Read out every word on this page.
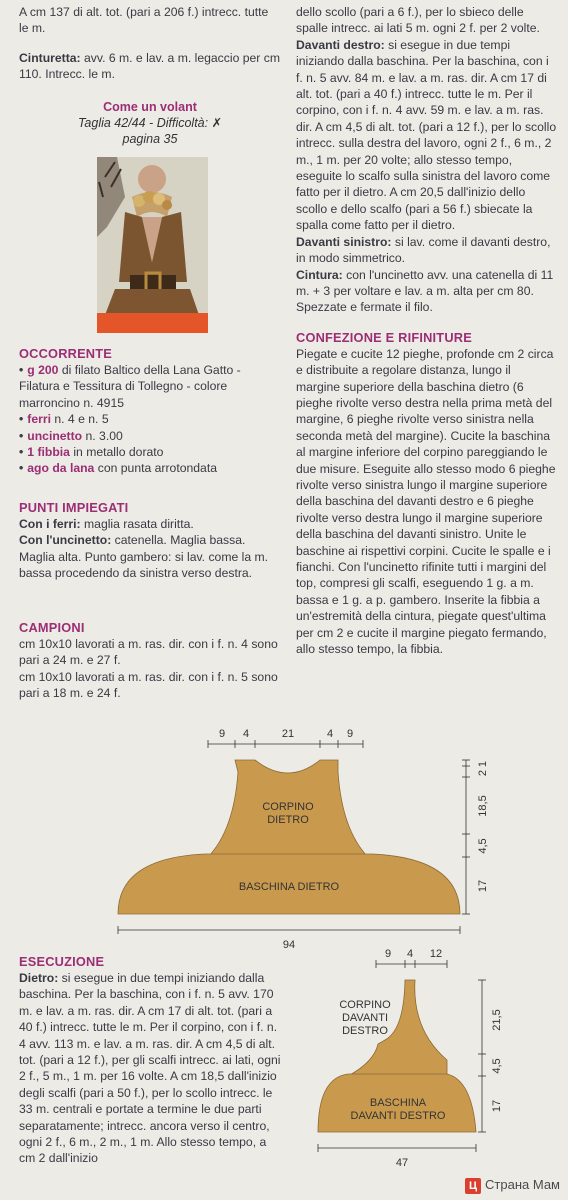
A cm 137 di alt. tot. (pari a 206 f.) intrecc. tutte le m.

Cinturetta: avv. 6 m. e lav. a m. legaccio per cm 110. Intrecc. le m.

Come un volant
Taglia 42/44 - Difficoltà: ✗
pagina 35

OCCORRENTE

• g 200 di filato Baltico della Lana Gatto - Filatura e Tessitura di Tollegno - colore marroncino n. 4915

• ferri n. 4 e n. 5

• uncinetto n. 3.00

• 1 fibbia in metallo dorato

• ago da lana con punta arrotondata

PUNTI IMPIEGATI

Con i ferri: maglia rasata diritta.

Con l'uncinetto: catenella. Maglia bassa. Maglia alta. Punto gambero: si lav. come la m. bassa procedendo da sinistra verso destra.

CAMPIONI

cm 10x10 lavorati a m. ras. dir. con i f. n. 4 sono pari a 24 m. e 27 f.

cm 10x10 lavorati a m. ras. dir. con i f. n. 5 sono pari a 18 m. e 24 f.

ESECUZIONE

Dietro: si esegue in due tempi iniziando dalla baschina. Per la baschina, con i f. n. 5 avv. 170 m. e lav. a m. ras. dir. A cm 17 di alt. tot. (pari a 40 f.) intrecc. tutte le m. Per il corpino, con i f. n. 4 avv. 113 m. e lav. a m. ras. dir. A cm 4,5 di alt. tot. (pari a 12 f.), per gli scalfi intrecc. ai lati, ogni 2 f., 5 m., 1 m. per 16 volte. A cm 18,5 dall'inizio degli scalfi (pari a 50 f.), per lo scollo intrecc. le 33 m. centrali e portate a termine le due parti separatamente; intrecc. ancora verso il centro, ogni 2 f., 6 m., 2 m., 1 m. Allo stesso tempo, a cm 2 dall'inizio

dello scollo (pari a 6 f.), per lo sbieco delle spalle intrecc. ai lati 5 m. ogni 2 f. per 2 volte.

Davanti destro: si esegue in due tempi iniziando dalla baschina. Per la baschina, con i f. n. 5 avv. 84 m. e lav. a m. ras. dir. A cm 17 di alt. tot. (pari a 40 f.) intrecc. tutte le m. Per il corpino, con i f. n. 4 avv. 59 m. e lav. a m. ras. dir. A cm 4,5 di alt. tot. (pari a 12 f.), per lo scollo intrecc. sulla destra del lavoro, ogni 2 f., 6 m., 2 m., 1 m. per 20 volte; allo stesso tempo, eseguite lo scalfo sulla sinistra del lavoro come fatto per il dietro. A cm 20,5 dall'inizio dello scollo e dello scalfo (pari a 56 f.) sbiecate la spalla come fatto per il dietro.

Davanti sinistro: si lav. come il davanti destro, in modo simmetrico.

Cintura: con l'uncinetto avv. una catenella di 11 m. + 3 per voltare e lav. a m. alta per cm 80. Spezzate e fermate il filo.

CONFEZIONE E RIFINITURE

Piegate e cucite 12 pieghe, profonde cm 2 circa e distribuite a regolare distanza, lungo il margine superiore della baschina dietro (6 pieghe rivolte verso destra nella prima metà del margine, 6 pieghe rivolte verso sinistra nella seconda metà del margine). Cucite la baschina al margine inferiore del corpino pareggiando le due misure. Eseguite allo stesso modo 6 pieghe rivolte verso sinistra lungo il margine superiore della baschina del davanti destro e 6 pieghe rivolte verso destra lungo il margine superiore della baschina del davanti sinistro. Unite le baschine ai rispettivi corpini. Cucite le spalle e i fianchi. Con l'uncinetto rifinite tutti i margini del top, compresi gli scalfi, eseguendo 1 g. a m. bassa e 1 g. a p. gambero. Inserite la fibbia a un'estremità della cintura, piegate quest'ultima per cm 2 e cucite il margine piegato fermando, allo stesso tempo, la fibbia.

9 4	21	4 9
CORPINO
DIETRO
BASCHINA DIETRO
94
1
2
18,5
4,5
17
9 4 12
CORPINO
DAVANTI
DESTRO
BASCHINA
DAVANTI DESTRO
47
21,5
4,5
17
Ц Страна Мам
